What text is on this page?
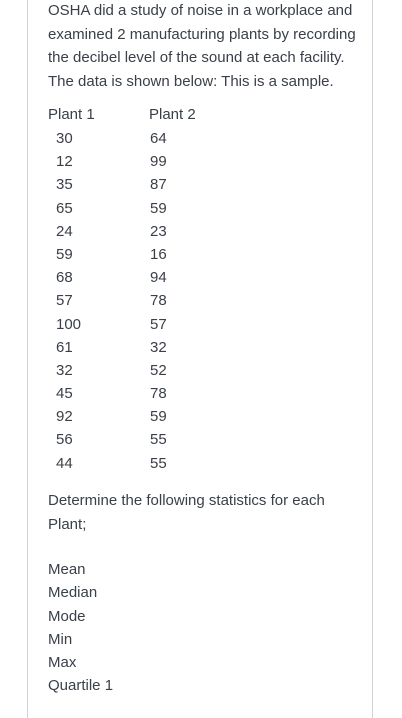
OSHA did a study of noise in a workplace and examined 2 manufacturing plants by recording the decibel level of the sound at each facility. The data is shown below: This is a sample.

Plant 1	Plant 2
30
12
35
65
24
59
68
57
100
61
32
45
92
56
44
64
99
87
59
23
16
94
78
57
32
52
78
59
55
55

Determine the following statistics for each Plant;

Mean
Median
Mode
Min
Max
Quartile 1
